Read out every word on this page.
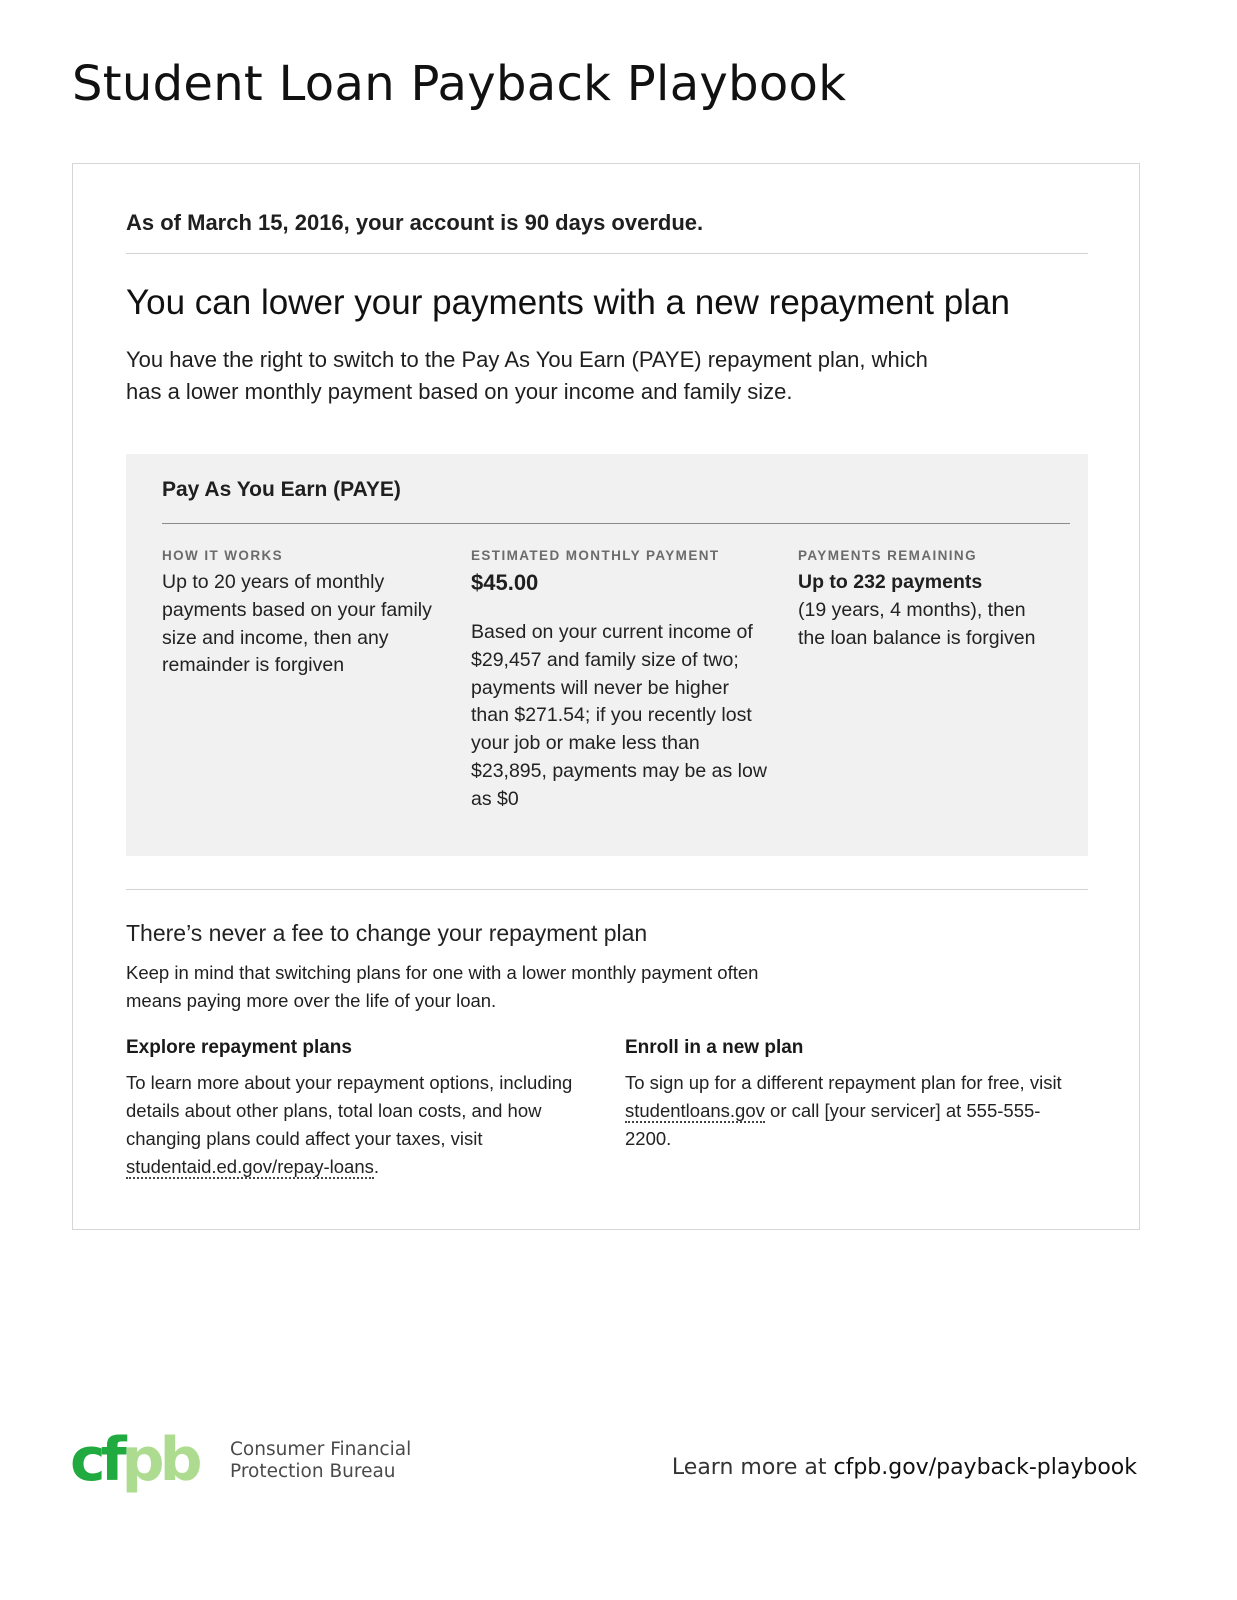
Student Loan Payback Playbook

As of March 15, 2016, your account is 90 days overdue.

You can lower your payments with a new repayment plan

You have the right to switch to the Pay As You Earn (PAYE) repayment plan, which has a lower monthly payment based on your income and family size.

Pay As You Earn (PAYE)

HOW IT WORKS

Up to 20 years of monthly payments based on your family size and income, then any remainder is forgiven

ESTIMATED MONTHLY PAYMENT

$45.00

Based on your current income of $29,457 and family size of two; payments will never be higher than $271.54; if you recently lost your job or make less than $23,895, payments may be as low as $0

PAYMENTS REMAINING

Up to 232 payments

(19 years, 4 months), then the loan balance is forgiven

There’s never a fee to change your repayment plan

Keep in mind that switching plans for one with a lower monthly payment often means paying more over the life of your loan.

Explore repayment plans

To learn more about your repayment options, including details about other plans, total loan costs, and how changing plans could affect your taxes, visit studentaid.ed.gov/repay-loans.

Enroll in a new plan

To sign up for a different repayment plan for free, visit studentloans.gov or call [your servicer] at 555-555-2200.

cfpb Consumer Financial
Protection Bureau	Learn more at cfpb.gov/payback-playbook
